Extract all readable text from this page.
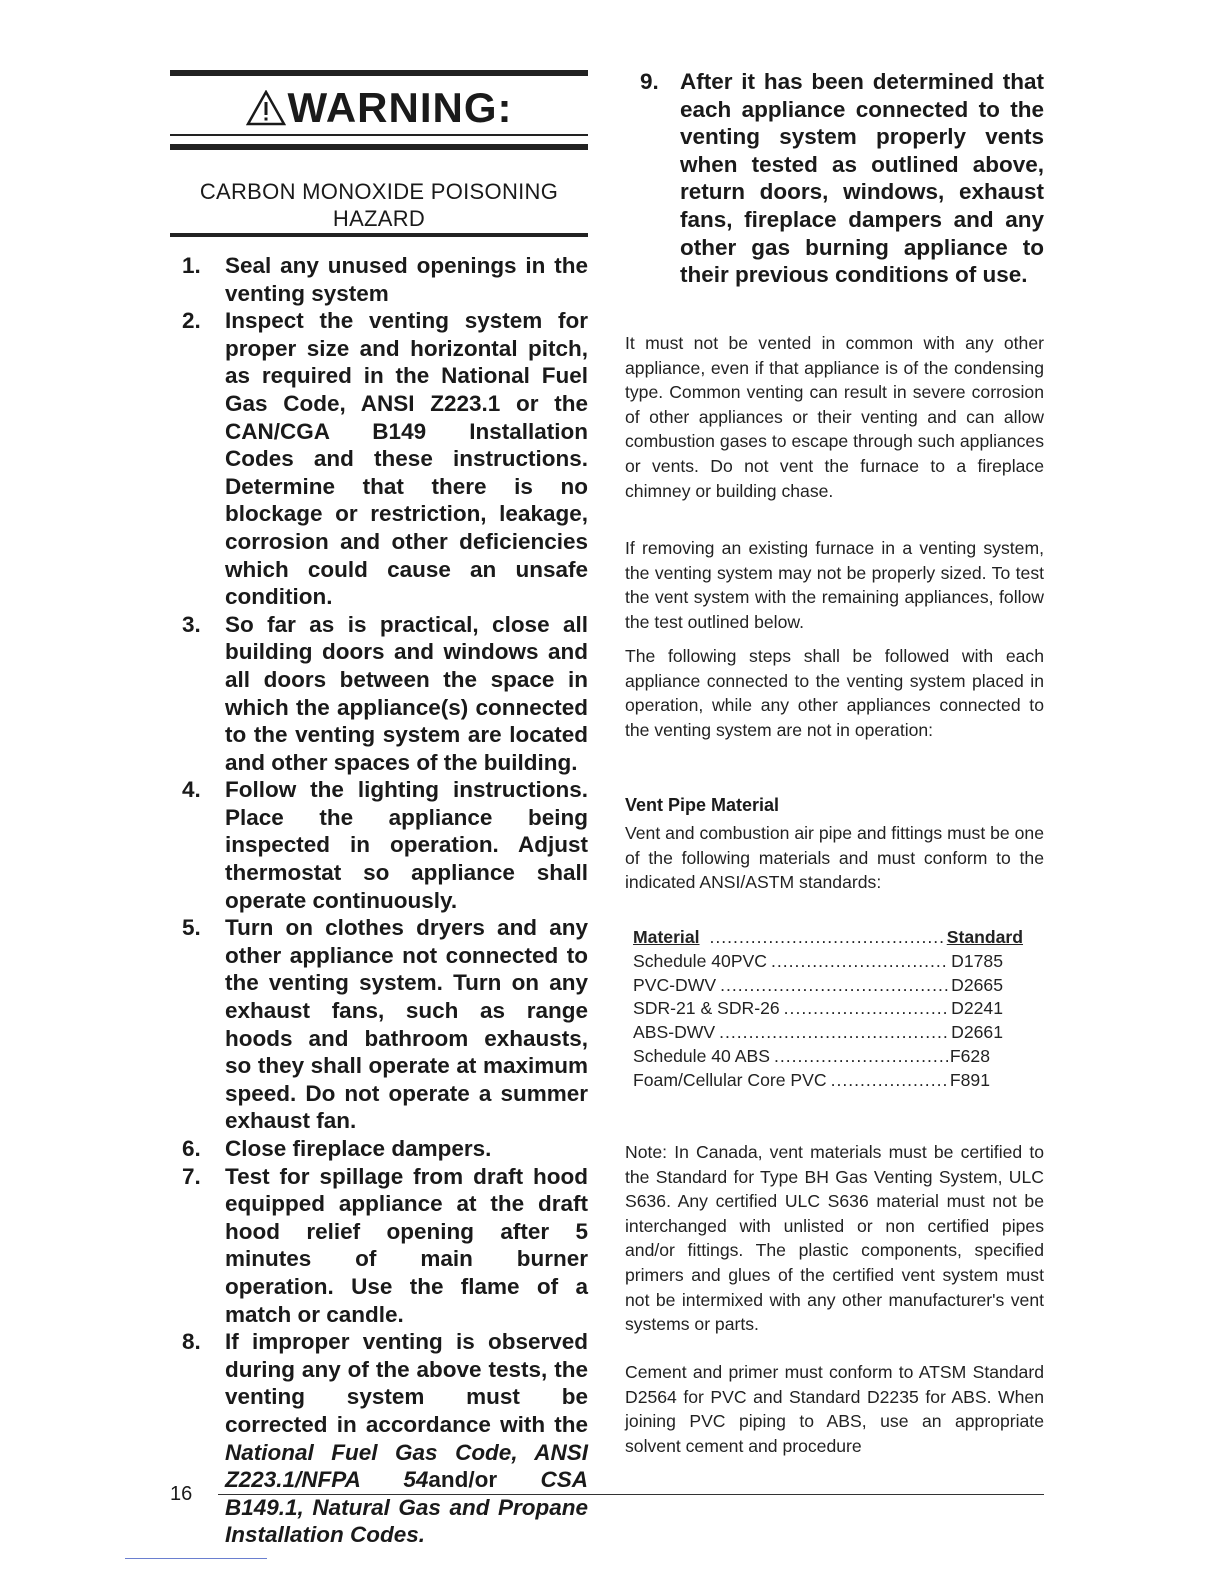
WARNING:
CARBON MONOXIDE POISONING HAZARD
1. Seal any unused openings in the venting system
2. Inspect the venting system for proper size and horizontal pitch, as required in the National Fuel Gas Code, ANSI Z223.1 or the CAN/CGA B149 Installation Codes and these instructions. Determine that there is no blockage or restriction, leakage, corrosion and other deficiencies which could cause an unsafe condition.
3. So far as is practical, close all building doors and windows and all doors between the space in which the appliance(s) connected to the venting system are located and other spaces of the building.
4. Follow the lighting instructions. Place the appliance being inspected in operation. Adjust thermostat so appliance shall operate continuously.
5. Turn on clothes dryers and any other appliance not connected to the venting system. Turn on any exhaust fans, such as range hoods and bathroom exhausts, so they shall operate at maximum speed. Do not operate a summer exhaust fan.
6. Close fireplace dampers.
7. Test for spillage from draft hood equipped appliance at the draft hood relief opening after 5 minutes of main burner operation. Use the flame of a match or candle.
8. If improper venting is observed during any of the above tests, the venting system must be corrected in accordance with the National Fuel Gas Code, ANSI Z223.1/NFPA 54and/or CSA B149.1, Natural Gas and Propane Installation Codes.
9. After it has been determined that each appliance connected to the venting system properly vents when tested as outlined above, return doors, windows, exhaust fans, fireplace dampers and any other gas burning appliance to their previous conditions of use.

It must not be vented in common with any other appliance, even if that appliance is of the condensing type. Common venting can result in severe corrosion of other appliances or their venting and can allow combustion gases to escape through such appliances or vents. Do not vent the furnace to a fireplace chimney or building chase.

If removing an existing furnace in a venting system, the venting system may not be properly sized. To test the vent system with the remaining appliances, follow the test outlined below.

The following steps shall be followed with each appliance connected to the venting system placed in operation, while any other appliances connected to the venting system are not in operation:

Vent Pipe Material

Vent and combustion air pipe and fittings must be one of the following materials and must conform to the indicated ANSI/ASTM standards:

Material .....	Standard
Schedule 40PVC .....	D1785
PVC-DWV .....	D2665
SDR-21 & SDR-26 .....	D2241
ABS-DWV .....	D2661
Schedule 40 ABS .....	F628
Foam/Cellular Core PVC .....	F891

Note: In Canada, vent materials must be certified to the Standard for Type BH Gas Venting System, ULC S636. Any certified ULC S636 material must not be interchanged with unlisted or non certified pipes and/or fittings. The plastic components, specified primers and glues of the certified vent system must not be intermixed with any other manufacturer's vent systems or parts.

Cement and primer must conform to ATSM Standard D2564 for PVC and Standard D2235 for ABS. When joining PVC piping to ABS, use an appropriate solvent cement and procedure

16
